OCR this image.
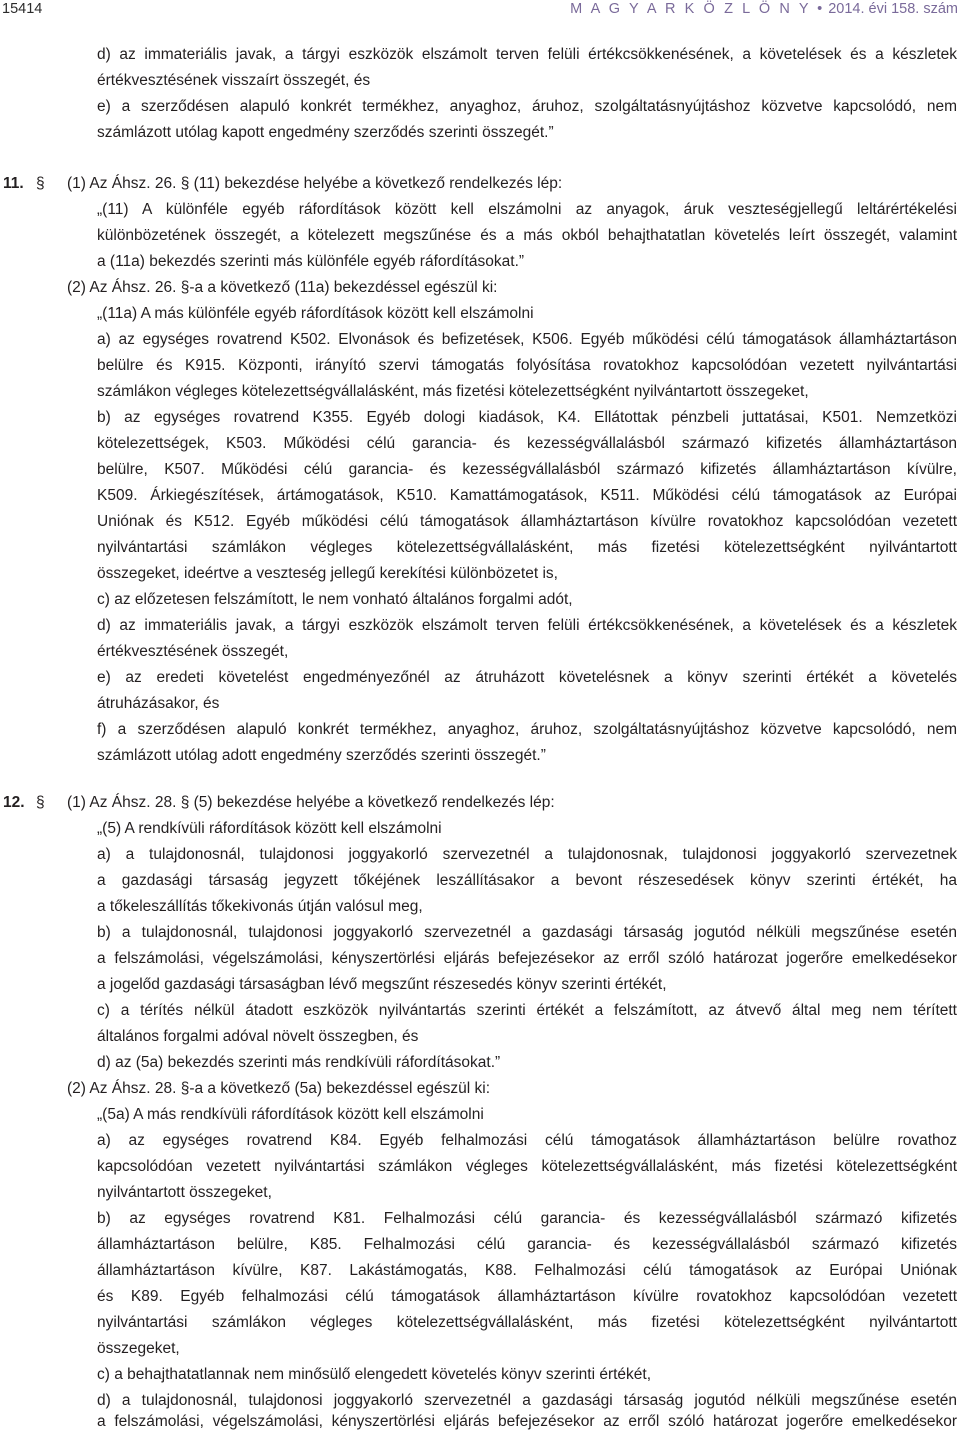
15414	M A G Y A R K Ö Z L Ö N Y • 2014. évi 158. szám
11. §
12. §
d) az immateriális javak, a tárgyi eszközök elszámolt terven felüli értékcsökkenésének, a követelések és a készletek
értékvesztésének visszaírt összegét, és
e) a szerződésen alapuló konkrét termékhez, anyaghoz, áruhoz, szolgáltatásnyújtáshoz közvetve kapcsolódó, nem
számlázott utólag kapott engedmény szerződés szerinti összegét.”
(1) Az Áhsz. 26. § (11) bekezdése helyébe a következő rendelkezés lép:
„(11) A különféle egyéb ráfordítások között kell elszámolni az anyagok, áruk veszteségjellegű leltárértékelési
különbözetének összegét, a kötelezett megszűnése és a más okból behajthatatlan követelés leírt összegét, valamint
a (11a) bekezdés szerinti más különféle egyéb ráfordításokat.”
(2) Az Áhsz. 26. §-a a következő (11a) bekezdéssel egészül ki:
„(11a) A más különféle egyéb ráfordítások között kell elszámolni
a) az egységes rovatrend K502. Elvonások és befizetések, K506. Egyéb működési célú támogatások államháztartáson
belülre és K915. Központi, irányító szervi támogatás folyósítása rovatokhoz kapcsolódóan vezetett nyilvántartási
számlákon végleges kötelezettségvállalásként, más fizetési kötelezettségként nyilvántartott összegeket,
b) az egységes rovatrend K355. Egyéb dologi kiadások, K4. Ellátottak pénzbeli juttatásai, K501. Nemzetközi
kötelezettségek, K503. Működési célú garancia- és kezességvállalásból származó kifizetés államháztartáson
belülre, K507. Működési célú garancia- és kezességvállalásból származó kifizetés államháztartáson kívülre,
K509. Árkiegészítések, ártámogatások, K510. Kamattámogatások, K511. Működési célú támogatások az Európai
Uniónak és K512. Egyéb működési célú támogatások államháztartáson kívülre rovatokhoz kapcsolódóan vezetett
nyilvántartási számlákon végleges kötelezettségvállalásként, más fizetési kötelezettségként nyilvántartott
összegeket, ideértve a veszteség jellegű kerekítési különbözetet is,
c) az előzetesen felszámított, le nem vonható általános forgalmi adót,
d) az immateriális javak, a tárgyi eszközök elszámolt terven felüli értékcsökkenésének, a követelések és a készletek
értékvesztésének összegét,
e) az eredeti követelést engedményezőnél az átruházott követelésnek a könyv szerinti értékét a követelés
átruházásakor, és
f) a szerződésen alapuló konkrét termékhez, anyaghoz, áruhoz, szolgáltatásnyújtáshoz közvetve kapcsolódó, nem
számlázott utólag adott engedmény szerződés szerinti összegét.”
(1) Az Áhsz. 28. § (5) bekezdése helyébe a következő rendelkezés lép:
„(5) A rendkívüli ráfordítások között kell elszámolni
a) a tulajdonosnál, tulajdonosi joggyakorló szervezetnél a tulajdonosnak, tulajdonosi joggyakorló szervezetnek
a gazdasági társaság jegyzett tőkéjének leszállításakor a bevont részesedések könyv szerinti értékét, ha
a tőkeleszállítás tőkekivonás útján valósul meg,
b) a tulajdonosnál, tulajdonosi joggyakorló szervezetnél a gazdasági társaság jogutód nélküli megszűnése esetén
a felszámolási, végelszámolási, kényszertörlési eljárás befejezésekor az erről szóló határozat jogerőre emelkedésekor
a jogelőd gazdasági társaságban lévő megszűnt részesedés könyv szerinti értékét,
c) a térítés nélkül átadott eszközök nyilvántartás szerinti értékét a felszámított, az átvevő által meg nem térített
általános forgalmi adóval növelt összegben, és
d) az (5a) bekezdés szerinti más rendkívüli ráfordításokat.”
(2) Az Áhsz. 28. §-a a következő (5a) bekezdéssel egészül ki:
„(5a) A más rendkívüli ráfordítások között kell elszámolni
a) az egységes rovatrend K84. Egyéb felhalmozási célú támogatások államháztartáson belülre rovathoz
kapcsolódóan vezetett nyilvántartási számlákon végleges kötelezettségvállalásként, más fizetési kötelezettségként
nyilvántartott összegeket,
b) az egységes rovatrend K81. Felhalmozási célú garancia- és kezességvállalásból származó kifizetés
államháztartáson belülre, K85. Felhalmozási célú garancia- és kezességvállalásból származó kifizetés
államháztartáson kívülre, K87. Lakástámogatás, K88. Felhalmozási célú támogatások az Európai Uniónak
és K89. Egyéb felhalmozási célú támogatások államháztartáson kívülre rovatokhoz kapcsolódóan vezetett
nyilvántartási számlákon végleges kötelezettségvállalásként, más fizetési kötelezettségként nyilvántartott
összegeket,
c) a behajthatatlannak nem minősülő elengedett követelés könyv szerinti értékét,
d) a tulajdonosnál, tulajdonosi joggyakorló szervezetnél a gazdasági társaság jogutód nélküli megszűnése esetén
a felszámolási, végelszámolási, kényszertörlési eljárás befejezésekor az erről szóló határozat jogerőre emelkedésekor
